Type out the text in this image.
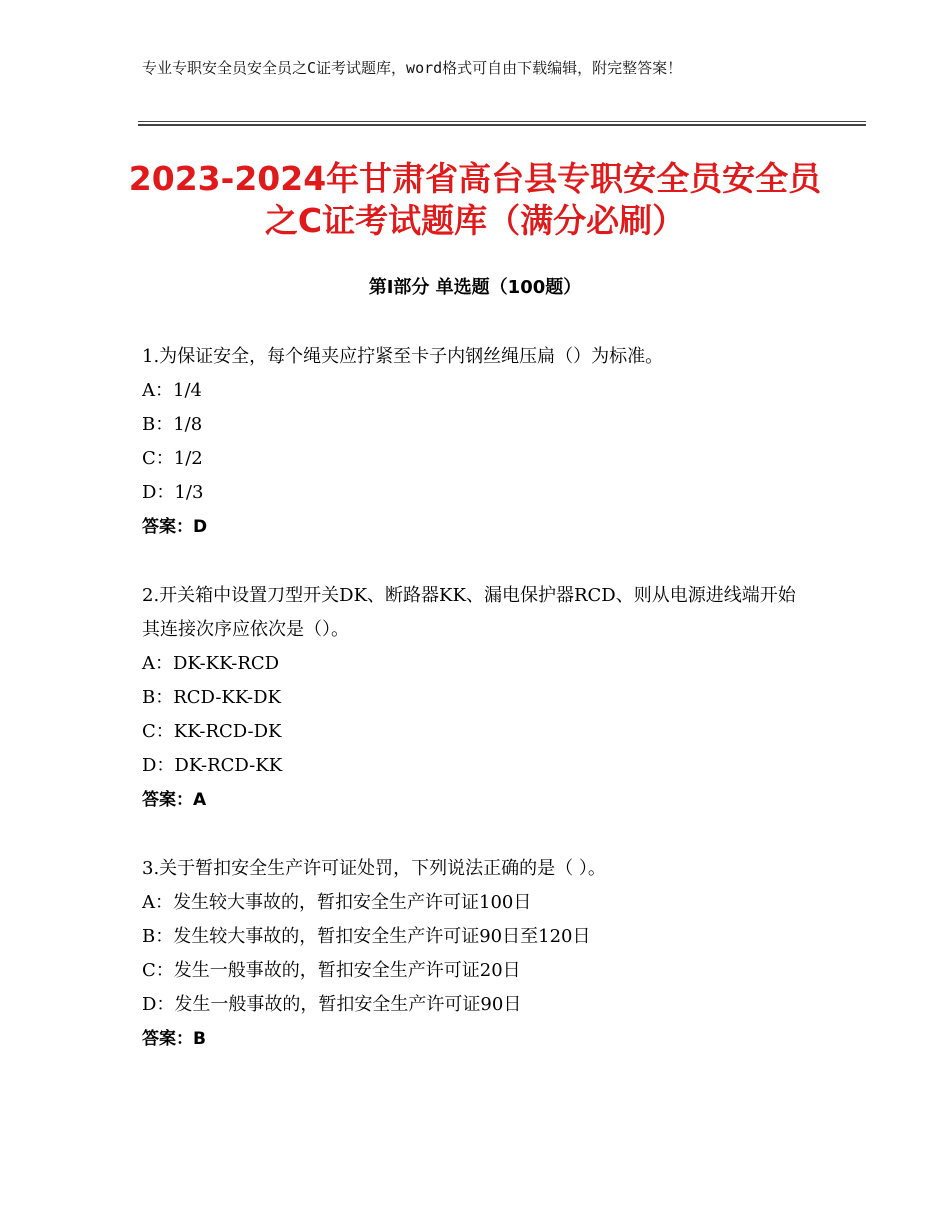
专业专职安全员安全员之C证考试题库，word格式可自由下载编辑，附完整答案！
2023-2024年甘肃省高台县专职安全员安全员之C证考试题库（满分必刷）
第Ⅰ部分 单选题（100题）

1.为保证安全，每个绳夹应拧紧至卡子内钢丝绳压扁（）为标准。

A：1/4

B：1/8

C：1/2

D：1/3

答案：D

2.开关箱中设置刀型开关DK、断路器KK、漏电保护器RCD、则从电源进线端开始其连接次序应依次是（）。

A：DK-KK-RCD

B：RCD-KK-DK

C：KK-RCD-DK

D：DK-RCD-KK

答案：A

3.关于暂扣安全生产许可证处罚，下列说法正确的是（ ）。

A：发生较大事故的，暂扣安全生产许可证100日

B：发生较大事故的，暂扣安全生产许可证90日至120日

C：发生一般事故的，暂扣安全生产许可证20日

D：发生一般事故的，暂扣安全生产许可证90日

答案：B
